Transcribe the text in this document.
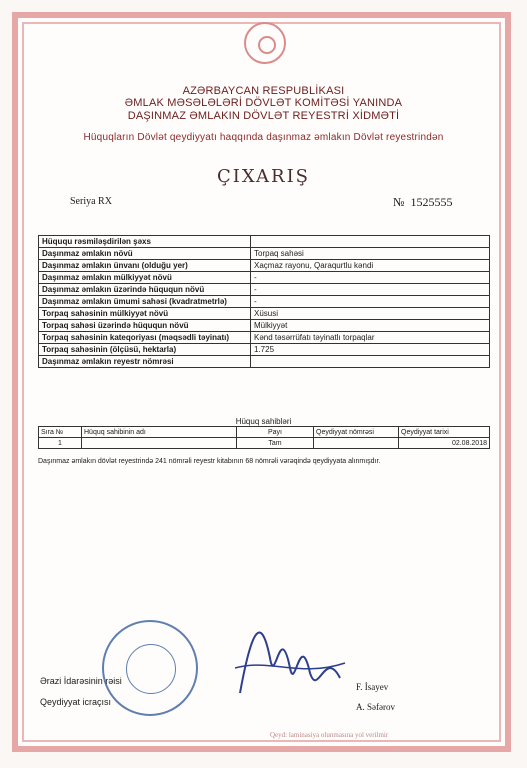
AZƏRBAYCAN RESPUBLİKASI
ƏMLAK MƏSƏLƏLƏRİ DÖVLƏT KOMİTƏSİ YANINDA
DAŞINMAZ ƏMLAKIN DÖVLƏT REYESTRİ XİDMƏTİ
Hüquqların Dövlət qeydiyyatı haqqında daşınmaz əmlakın Dövlət reyestrindən
ÇIXARIŞ
Seriya RX	№ 1525555
Hüququ rəsmiləşdirilən şəxs	
Daşınmaz əmlakın növü	Torpaq sahəsi
Daşınmaz əmlakın ünvanı (olduğu yer)	Xaçmaz rayonu, Qaraqurtlu kəndi
Daşınmaz əmlakın mülkiyyət növü	-
Daşınmaz əmlakın üzərində hüququn növü	-
Daşınmaz əmlakın ümumi sahəsi (kvadratmetrlə)	-
Torpaq sahəsinin mülkiyyət növü	Xüsusi
Torpaq sahəsi üzərində hüququn növü	Mülkiyyət
Torpaq sahəsinin kateqoriyası (məqsədli təyinatı)	Kənd təsərrüfatı təyinatlı torpaqlar
Torpaq sahəsinin (ölçüsü, hektarla)	1.725
Daşınmaz əmlakın reyestr nömrəsi	
Hüquq sahibləri
Sıra №	Hüquq sahibinin adı	Payı	Qeydiyyat nömrəsi	Qeydiyyat tarixi
1		Tam		02.08.2018
Daşınmaz əmlakın dövlət reyestrində 241 nömrəli reyestr kitabının 68 nömrəli vərəqində qeydiyyata alınmışdır.
Ərazi İdarəsinin rəisi
Qeydiyyat icraçısı
F. İsayev
A. Səfərov
Qeyd: laminasiya olunmasına yol verilmir
